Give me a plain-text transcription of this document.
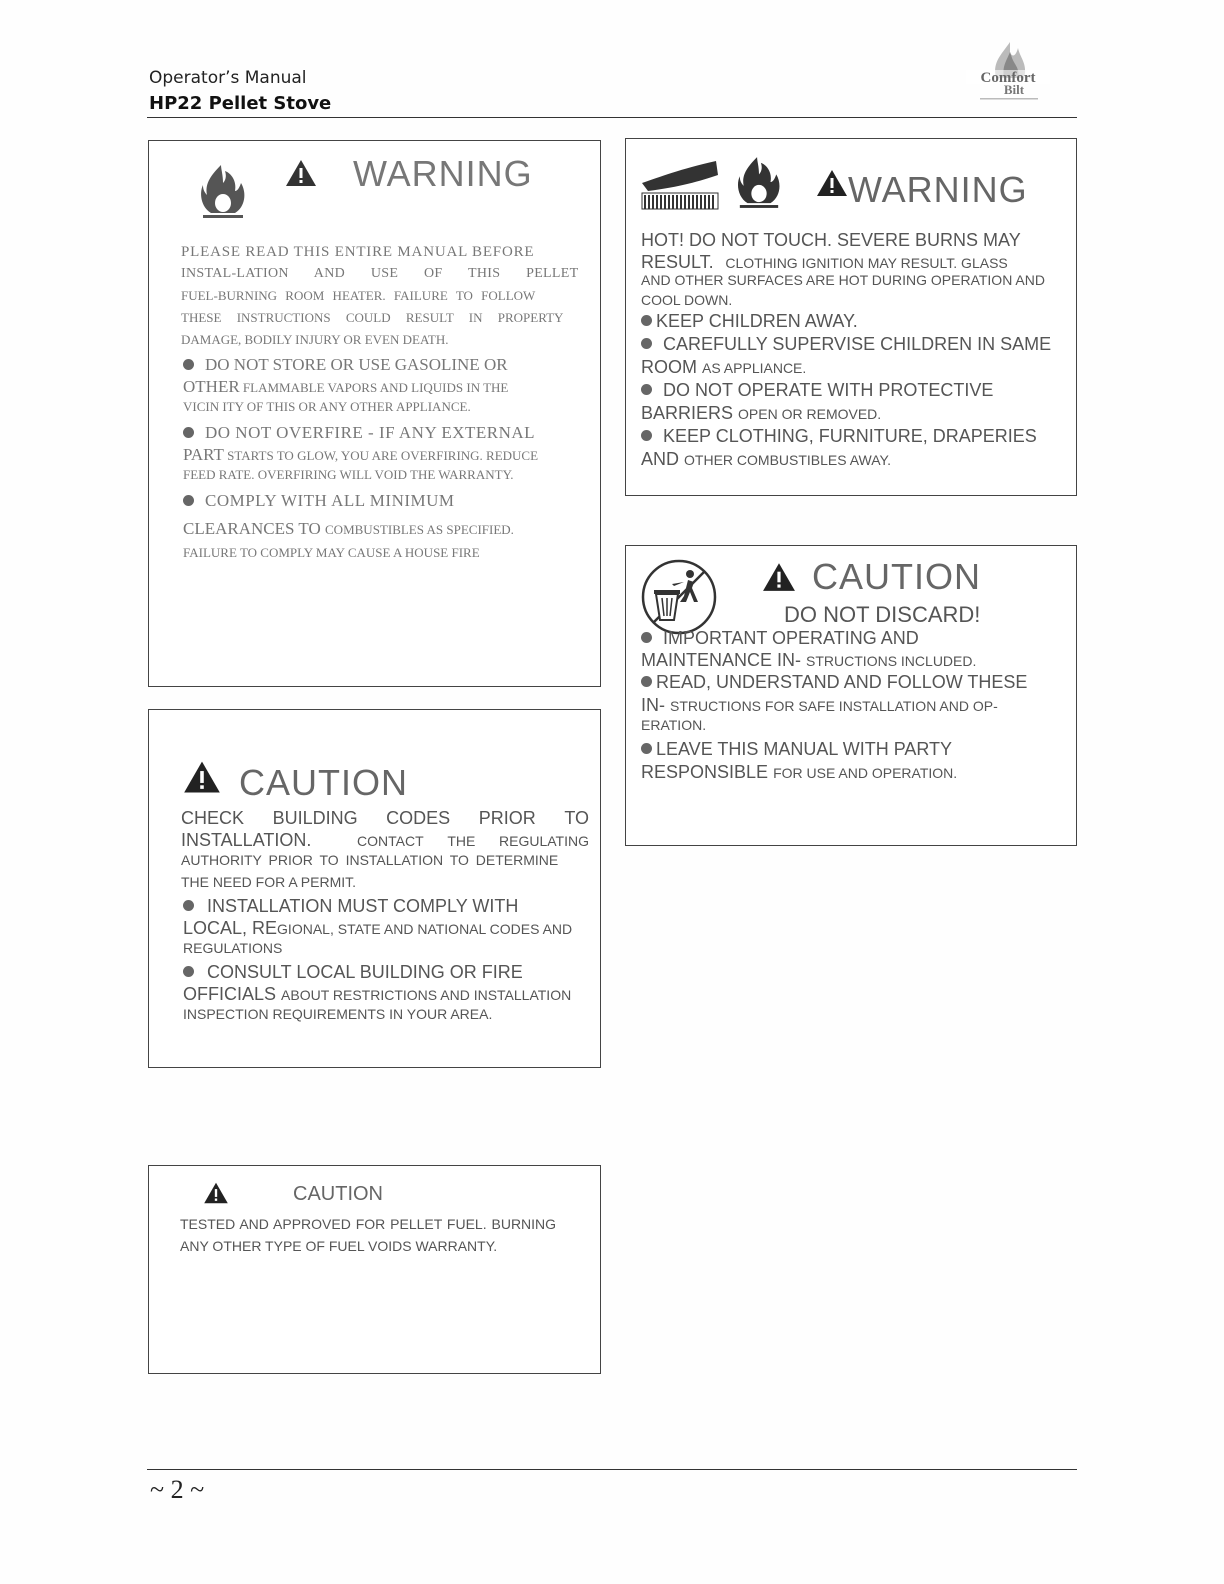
Operator’s Manual
HP22 Pellet Stove
Comfort
Bilt
WARNING
PLEASE READ THIS ENTIRE MANUAL BEFORE
INSTAL-LATION AND USE OF THIS PELLET
FUEL-BURNING ROOM HEATER. FAILURE TO FOLLOW
THESE INSTRUCTIONS COULD RESULT IN PROPERTY
DAMAGE, BODILY INJURY OR EVEN DEATH.
DO NOT STORE OR USE GASOLINE OR
OTHER FLAMMABLE VAPORS AND LIQUIDS IN THE
VICIN ITY OF THIS OR ANY OTHER APPLIANCE.
DO NOT OVERFIRE - IF ANY EXTERNAL
PART STARTS TO GLOW, YOU ARE OVERFIRING. REDUCE
FEED RATE. OVERFIRING WILL VOID THE WARRANTY.
COMPLY WITH ALL MINIMUM
CLEARANCES TO COMBUSTIBLES AS SPECIFIED.
FAILURE TO COMPLY MAY CAUSE A HOUSE FIRE
WARNING
HOT! DO NOT TOUCH. SEVERE BURNS MAY
RESULT. CLOTHING IGNITION MAY RESULT. GLASS
AND OTHER SURFACES ARE HOT DURING OPERATION AND
COOL DOWN.
KEEP CHILDREN AWAY.
CAREFULLY SUPERVISE CHILDREN IN SAME
ROOM AS APPLIANCE.
DO NOT OPERATE WITH PROTECTIVE
BARRIERS OPEN OR REMOVED.
KEEP CLOTHING, FURNITURE, DRAPERIES
AND OTHER COMBUSTIBLES AWAY.
CAUTION
DO NOT DISCARD!
IMPORTANT OPERATING AND
MAINTENANCE IN- STRUCTIONS INCLUDED.
READ, UNDERSTAND AND FOLLOW THESE
IN- STRUCTIONS FOR SAFE INSTALLATION AND OP-
ERATION.
LEAVE THIS MANUAL WITH PARTY
RESPONSIBLE FOR USE AND OPERATION.
CAUTION
CHECK BUILDING CODES PRIOR TO
INSTALLATION.	CONTACT THE REGULATING
AUTHORITY PRIOR TO INSTALLATION TO DETERMINE
THE NEED FOR A PERMIT.
INSTALLATION MUST COMPLY WITH
LOCAL, REGIONAL, STATE AND NATIONAL CODES AND
REGULATIONS
CONSULT LOCAL BUILDING OR FIRE
OFFICIALS ABOUT RESTRICTIONS AND INSTALLATION
INSPECTION REQUIREMENTS IN YOUR AREA.
CAUTION
TESTED AND APPROVED FOR PELLET FUEL. BURNING
ANY OTHER TYPE OF FUEL VOIDS WARRANTY.
~ 2 ~
